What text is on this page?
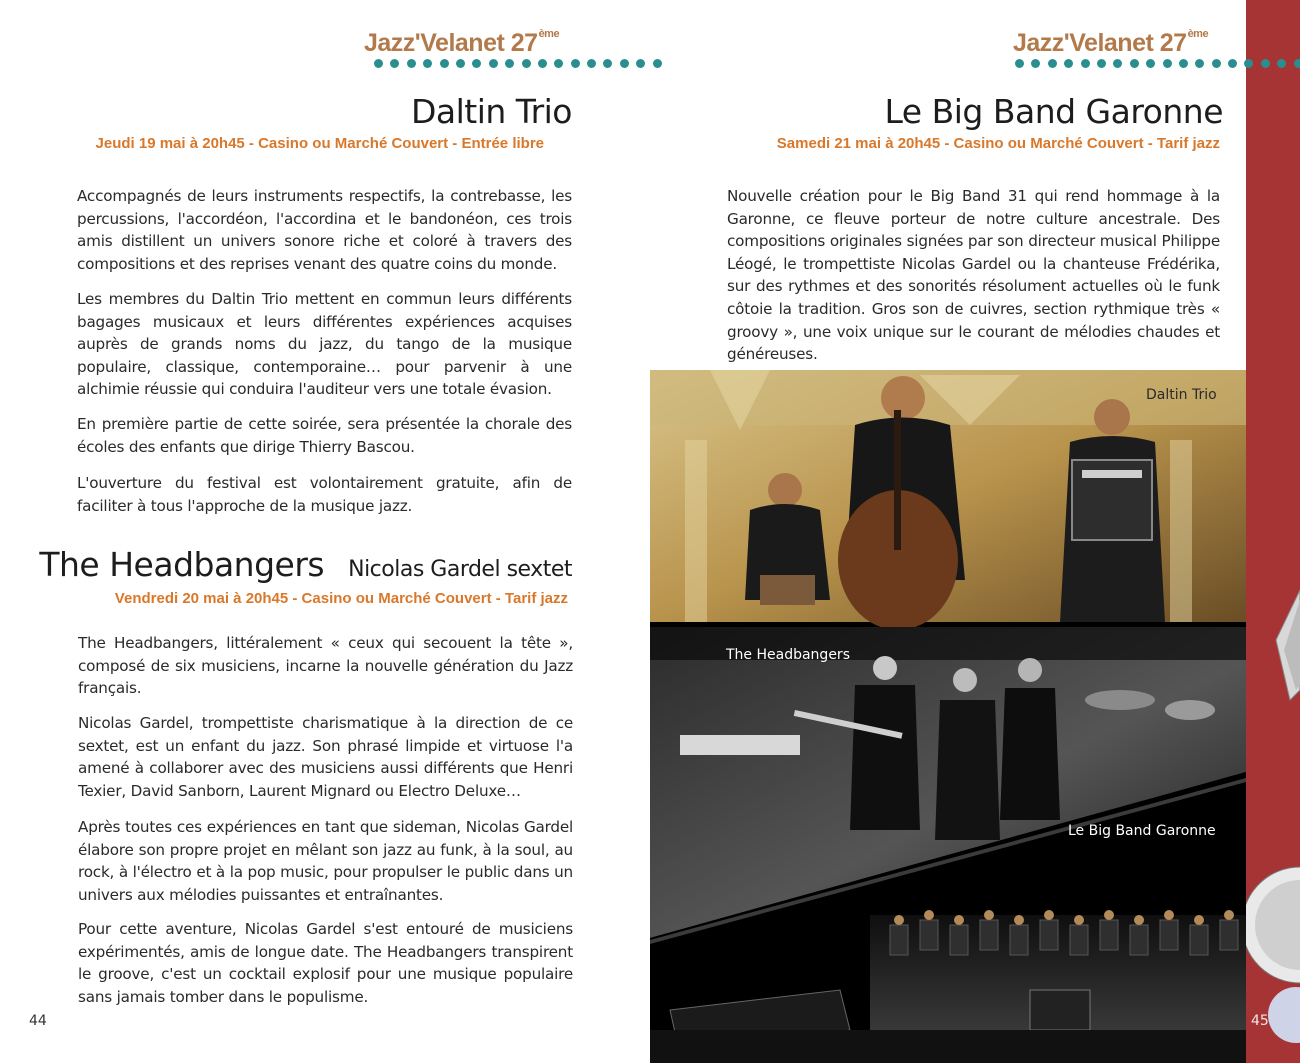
Jazz'Velanet 27ème
Daltin Trio
Jeudi 19 mai à 20h45 - Casino ou Marché Couvert - Entrée libre
Accompagnés de leurs instruments respectifs, la contrebasse, les percussions, l'accordéon, l'accordina et le bandonéon, ces trois amis distillent un univers sonore riche et coloré à travers des compositions et des reprises venant des quatre coins du monde.
Les membres du Daltin Trio mettent en commun leurs différents bagages musicaux et leurs différentes expériences acquises auprès de grands noms du jazz, du tango de la musique populaire, classique, contemporaine… pour parvenir à une alchimie réussie qui conduira l'auditeur vers une totale évasion.
En première partie de cette soirée, sera présentée la chorale des écoles des enfants que dirige Thierry Bascou.
L'ouverture du festival est volontairement gratuite, afin de faciliter à tous l'approche de la musique jazz.
The Headbangers Nicolas Gardel sextet
Vendredi 20 mai à 20h45 - Casino ou Marché Couvert - Tarif jazz
The Headbangers, littéralement « ceux qui secouent la tête », composé de six musiciens, incarne la nouvelle génération du Jazz français.
Nicolas Gardel, trompettiste charismatique à la direction de ce sextet, est un enfant du jazz. Son phrasé limpide et virtuose l'a amené à collaborer avec des musiciens aussi différents que Henri Texier, David Sanborn, Laurent Mignard ou Electro Deluxe…
Après toutes ces expériences en tant que sideman, Nicolas Gardel élabore son propre projet en mêlant son jazz au funk, à la soul, au rock, à l'électro et à la pop music, pour propulser le public dans un univers aux mélodies puissantes et entraînantes.
Pour cette aventure, Nicolas Gardel s'est entouré de musiciens expérimentés, amis de longue date. The Headbangers transpirent le groove, c'est un cocktail explosif pour une musique populaire sans jamais tomber dans le populisme.
44
Jazz'Velanet 27ème
Le Big Band Garonne
Samedi 21 mai à 20h45 - Casino ou Marché Couvert - Tarif jazz
Nouvelle création pour le Big Band 31 qui rend hommage à la Garonne, ce fleuve porteur de notre culture ancestrale. Des compositions originales signées par son directeur musical Philippe Léogé, le trompettiste Nicolas Gardel ou la chanteuse Frédérika, sur des rythmes et des sonorités résolument actuelles où le funk côtoie la tradition. Gros son de cuivres, section rythmique très « groovy », une voix unique sur le courant de mélodies chaudes et généreuses.
Daltin Trio
The Headbangers
Le Big Band Garonne
45
